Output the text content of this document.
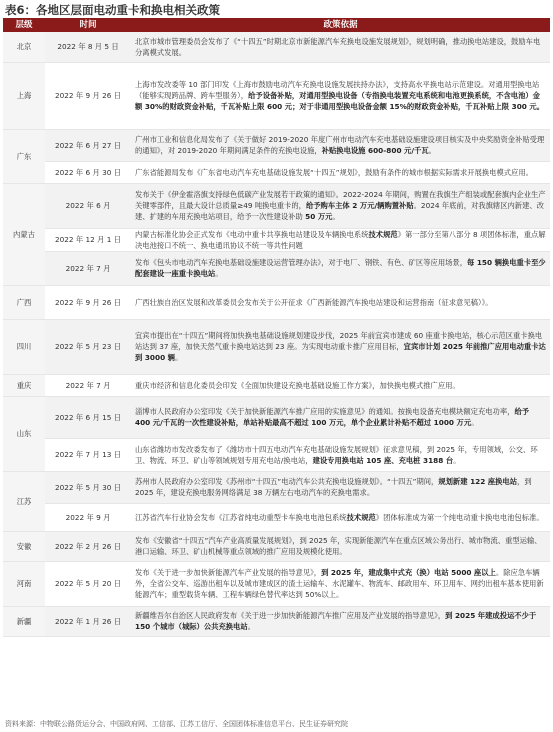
表6：各地区层面电动重卡和换电相关政策
层级	时间	政策依据
北京	2022 年 8 月 5 日	北京市城市管理委员会发布了《“十四五”时期北京市新能源汽车充换电设施发展规划》，规划明确，推动换电站建设，鼓励车电分离模式发展。
上海	2022 年 9 月 26 日	上海市发改委等 10 部门印发《上海市鼓励电动汽车充换电设施发展扶持办法》，支持高水平换电站示范建设。对通用型换电站（能够实现跨品牌、跨车型服务），给予设备补贴，对通用型换电设备（专指换电装置充电系统和电池更换系统，不含电池）金额 30%的财政资金补贴，千瓦补贴上限 600 元；对于非通用型换电设备金额 15%的财政资金补贴，千瓦补贴上限 300 元。
广东	2022 年 6 月 27 日	广州市工业和信息化局发布了《关于做好 2019-2020 年度广州市电动汽车充电基础设施建设项目核实及中央奖励资金补贴受理的通知》，对 2019-2020 年期间满足条件的充换电设施，补贴换电设施 600-800 元/千瓦。
	2022 年 6 月 30 日	广东省能源局发布《广东省电动汽车充电基础设施发展“十四五”规划》，鼓励有条件的城市根据实际需求开展换电模式应用。
内蒙古	2022 年 6 月	发布关于《伊金霍洛旗支持绿色低碳产业发展若干政策的通知》。2022-2024 年期间，购置在我旗生产组装或配套旗内企业生产关键零部件，且最大设计总质量≥49 吨换电重卡的，给予购车主体 2 万元/辆购置补贴。2024 年底前，对我旗辖区内新建、改建、扩建的车用充换电站项目，给予一次性建设补助 50 万元。
	2022 年 12 月 1 日	内蒙古标准化协会正式发布《电动中重卡共享换电站建设及车辆换电系统技术规范》第一部分至第八部分 8 项团体标准，重点解决电池接口不统一、换电通讯协议不统一等共性问题
	2022 年 7 月	发布《包头市电动汽车充换电基础设施建设运营管理办法》，对于电厂、钢铁、有色、矿区等应用场景，每 150 辆换电重卡至少配套建设一座重卡换电站。
广西	2022 年 9 月 26 日	广西壮族自治区发展和改革委员会发布关于公开征求《广西新能源汽车换电站建设和运营指南（征求意见稿）》。
四川	2022 年 5 月 23 日	宜宾市提出在“十四五”期间将加快换电基础设施规划建设步伐，2025 年前宜宾市建成 60 座重卡换电站，核心示范区重卡换电站达到 37 座，加快天然气重卡换电站达到 23 座。为实现电动重卡推广应用目标，宜宾市计划 2025 年前推广应用电动重卡达到 3000 辆。
重庆	2022 年 7 月	重庆市经济和信息化委员会印发《全面加快建设充换电基础设施工作方案》，加快换电模式推广应用。
山东	2022 年 6 月 15 日	淄博市人民政府办公室印发《关于加快新能源汽车推广应用的实施意见》的通知。按换电设备充电模块额定充电功率，给予 400 元/千瓦的一次性建设补贴，单站补贴最高不超过 100 万元，单个企业累计补贴不超过 1000 万元。
	2022 年 7 月 13 日	山东省潍坊市发改委发布了《潍坊市十四五电动汽车充电基础设施发展规划》征求意见稿，到 2025 年，专用领域，公交、环卫、物流、环卫、矿山等领域规划专用充电站/换电站，建设专用换电站 105 座、充电桩 3188 台。
江苏	2022 年 5 月 30 日	苏州市人民政府办公室印发《苏州市“十四五”电动汽车公共充换电设施规划》。“十四五”期间，规划新建 122 座换电站，到 2025 年，建设充换电服务网络满足 38 万辆左右电动汽车的充换电需求。
	2022 年 9 月	江苏省汽车行业协会发布《江苏省纯电动重型卡车换电电池包系统技术规范》团体标准成为第一个纯电动重卡换电电池包标准。
安徽	2022 年 2 月 26 日	发布《安徽省“十四五”汽车产业高质量发展规划》，到 2025 年，实现新能源汽车在重点区域公务出行、城市物流、重型运输、港口运输、环卫、矿山机械等重点领域的推广应用及规模化使用。
河南	2022 年 5 月 20 日	发布《关于进一步加快新能源汽车产业发展的指导意见》，到 2025 年，建成集中式充（换）电站 5000 座以上。除应急车辆外，全省公交车、巡游出租车以及城市建成区的渣土运输车、水泥罐车、物流车、邮政用车、环卫用车、网约出租车基本使用新能源汽车；重型载货车辆、工程车辆绿色替代率达到 50%以上。
新疆	2022 年 1 月 26 日	新疆维吾尔自治区人民政府发布《关于进一步加快新能源汽车推广应用及产业发展的指导意见》，到 2025 年建成投运不少于 150 个城市（城际）公共充换电站。
资料来源：中物联公路货运分会、中国政府网、工信部、江苏工信厅、全国团体标准信息平台、民生证券研究院
